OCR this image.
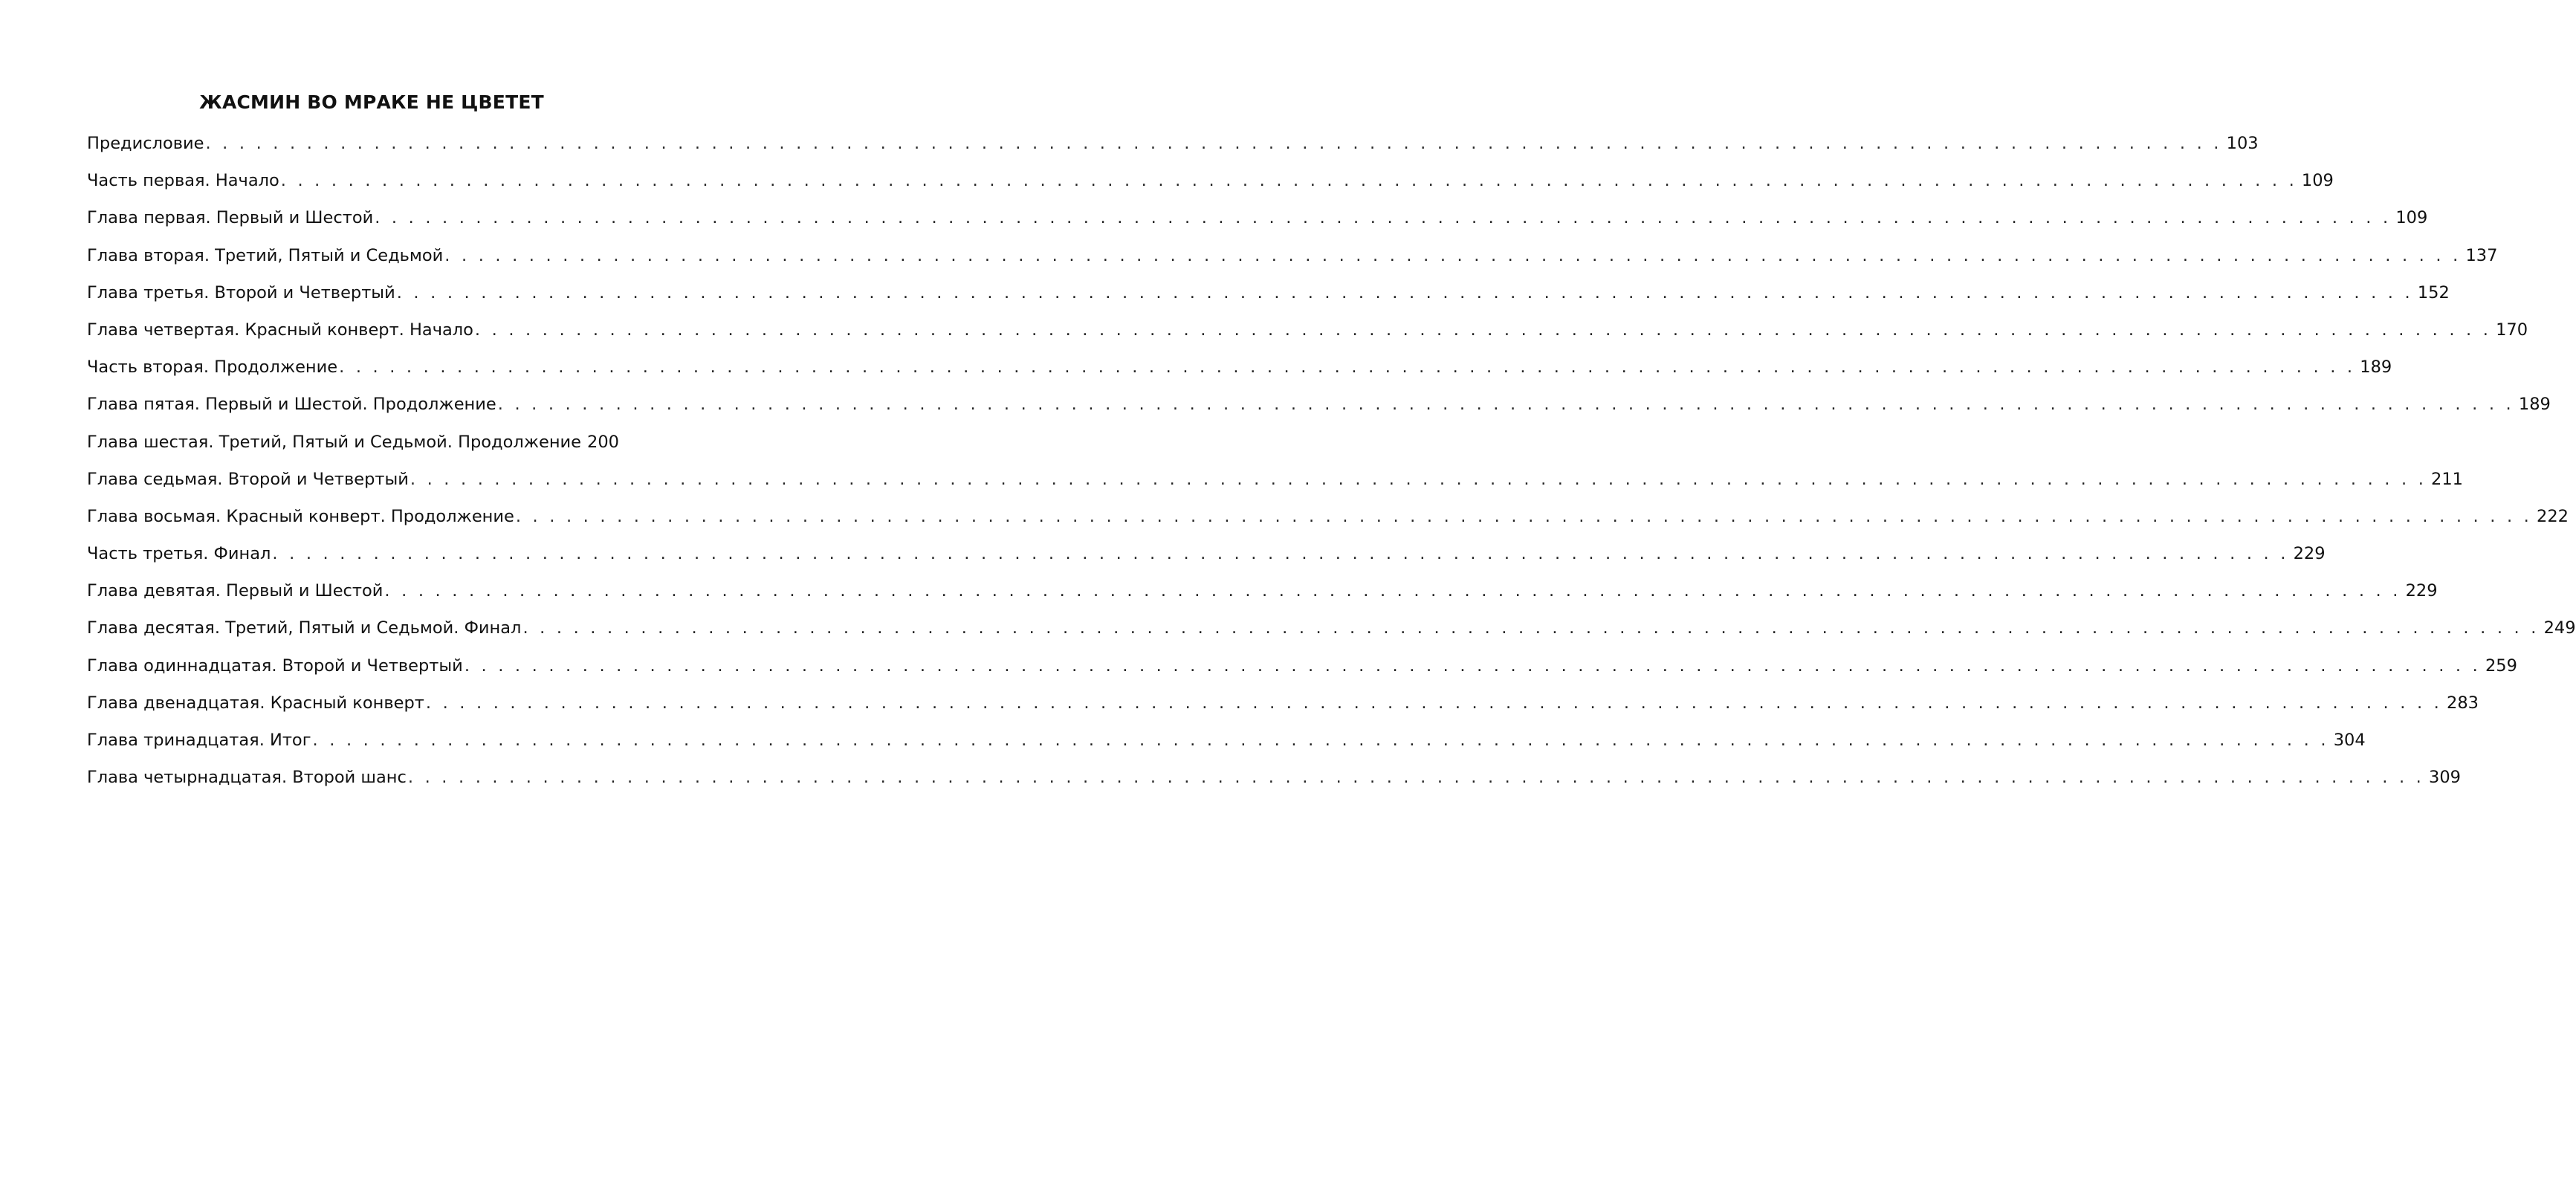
ЖАСМИН ВО МРАКЕ НЕ ЦВЕТЕТ
Предисловие . . . . . . . . . . . . . . . . . . . . . . . . . . . . . . . . . . . . . . . . . . . . . . . . . . . . . . . . . . . . . . . . . . . . . . . . . . . . . . . . . . . . . . . . . . . . . . . . . . . . . . . . . . . . . . . . . . . . . . . . 103
Часть первая. Начало . . . . . . . . . . . . . . . . . . . . . . . . . . . . . . . . . . . . . . . . . . . . . . . . . . . . . . . . . . . . . . . . . . . . . . . . . . . . . . . . . . . . . . . . . . . . . . . . . . . . . . . . . . . . . . . . . . . . . . . . 109
Глава первая. Первый и Шестой . . . . . . . . . . . . . . . . . . . . . . . . . . . . . . . . . . . . . . . . . . . . . . . . . . . . . . . . . . . . . . . . . . . . . . . . . . . . . . . . . . . . . . . . . . . . . . . . . . . . . . . . . . . . . . . . . . . . . . . . 109
Глава вторая. Третий, Пятый и Седьмой . . . . . . . . . . . . . . . . . . . . . . . . . . . . . . . . . . . . . . . . . . . . . . . . . . . . . . . . . . . . . . . . . . . . . . . . . . . . . . . . . . . . . . . . . . . . . . . . . . . . . . . . . . . . . . . . . . . . . . . . 137
Глава третья. Второй и Четвертый . . . . . . . . . . . . . . . . . . . . . . . . . . . . . . . . . . . . . . . . . . . . . . . . . . . . . . . . . . . . . . . . . . . . . . . . . . . . . . . . . . . . . . . . . . . . . . . . . . . . . . . . . . . . . . . . . . . . . . . . 152
Глава четвертая. Красный конверт. Начало . . . . . . . . . . . . . . . . . . . . . . . . . . . . . . . . . . . . . . . . . . . . . . . . . . . . . . . . . . . . . . . . . . . . . . . . . . . . . . . . . . . . . . . . . . . . . . . . . . . . . . . . . . . . . . . . . . . . . . . . 170
Часть вторая. Продолжение . . . . . . . . . . . . . . . . . . . . . . . . . . . . . . . . . . . . . . . . . . . . . . . . . . . . . . . . . . . . . . . . . . . . . . . . . . . . . . . . . . . . . . . . . . . . . . . . . . . . . . . . . . . . . . . . . . . . . . . . 189
Глава пятая. Первый и Шестой. Продолжение . . . . . . . . . . . . . . . . . . . . . . . . . . . . . . . . . . . . . . . . . . . . . . . . . . . . . . . . . . . . . . . . . . . . . . . . . . . . . . . . . . . . . . . . . . . . . . . . . . . . . . . . . . . . . . . . . . . . . . . . 189
Глава шестая. Третий, Пятый и Седьмой. Продолжение 200
Глава седьмая. Второй и Четвертый . . . . . . . . . . . . . . . . . . . . . . . . . . . . . . . . . . . . . . . . . . . . . . . . . . . . . . . . . . . . . . . . . . . . . . . . . . . . . . . . . . . . . . . . . . . . . . . . . . . . . . . . . . . . . . . . . . . . . . . . 211
Глава восьмая. Красный конверт. Продолжение . . . . . . . . . . . . . . . . . . . . . . . . . . . . . . . . . . . . . . . . . . . . . . . . . . . . . . . . . . . . . . . . . . . . . . . . . . . . . . . . . . . . . . . . . . . . . . . . . . . . . . . . . . . . . . . . . . . . . . . . 222
Часть третья. Финал . . . . . . . . . . . . . . . . . . . . . . . . . . . . . . . . . . . . . . . . . . . . . . . . . . . . . . . . . . . . . . . . . . . . . . . . . . . . . . . . . . . . . . . . . . . . . . . . . . . . . . . . . . . . . . . . . . . . . . . . 229
Глава девятая. Первый и Шестой . . . . . . . . . . . . . . . . . . . . . . . . . . . . . . . . . . . . . . . . . . . . . . . . . . . . . . . . . . . . . . . . . . . . . . . . . . . . . . . . . . . . . . . . . . . . . . . . . . . . . . . . . . . . . . . . . . . . . . . . 229
Глава десятая. Третий, Пятый и Седьмой. Финал . . . . . . . . . . . . . . . . . . . . . . . . . . . . . . . . . . . . . . . . . . . . . . . . . . . . . . . . . . . . . . . . . . . . . . . . . . . . . . . . . . . . . . . . . . . . . . . . . . . . . . . . . . . . . . . . . . . . . . . . 249
Глава одиннадцатая. Второй и Четвертый . . . . . . . . . . . . . . . . . . . . . . . . . . . . . . . . . . . . . . . . . . . . . . . . . . . . . . . . . . . . . . . . . . . . . . . . . . . . . . . . . . . . . . . . . . . . . . . . . . . . . . . . . . . . . . . . . . . . . . . . 259
Глава двенадцатая. Красный конверт . . . . . . . . . . . . . . . . . . . . . . . . . . . . . . . . . . . . . . . . . . . . . . . . . . . . . . . . . . . . . . . . . . . . . . . . . . . . . . . . . . . . . . . . . . . . . . . . . . . . . . . . . . . . . . . . . . . . . . . . 283
Глава тринадцатая. Итог . . . . . . . . . . . . . . . . . . . . . . . . . . . . . . . . . . . . . . . . . . . . . . . . . . . . . . . . . . . . . . . . . . . . . . . . . . . . . . . . . . . . . . . . . . . . . . . . . . . . . . . . . . . . . . . . . . . . . . . . 304
Глава четырнадцатая. Второй шанс . . . . . . . . . . . . . . . . . . . . . . . . . . . . . . . . . . . . . . . . . . . . . . . . . . . . . . . . . . . . . . . . . . . . . . . . . . . . . . . . . . . . . . . . . . . . . . . . . . . . . . . . . . . . . . . . . . . . . . . . 309
